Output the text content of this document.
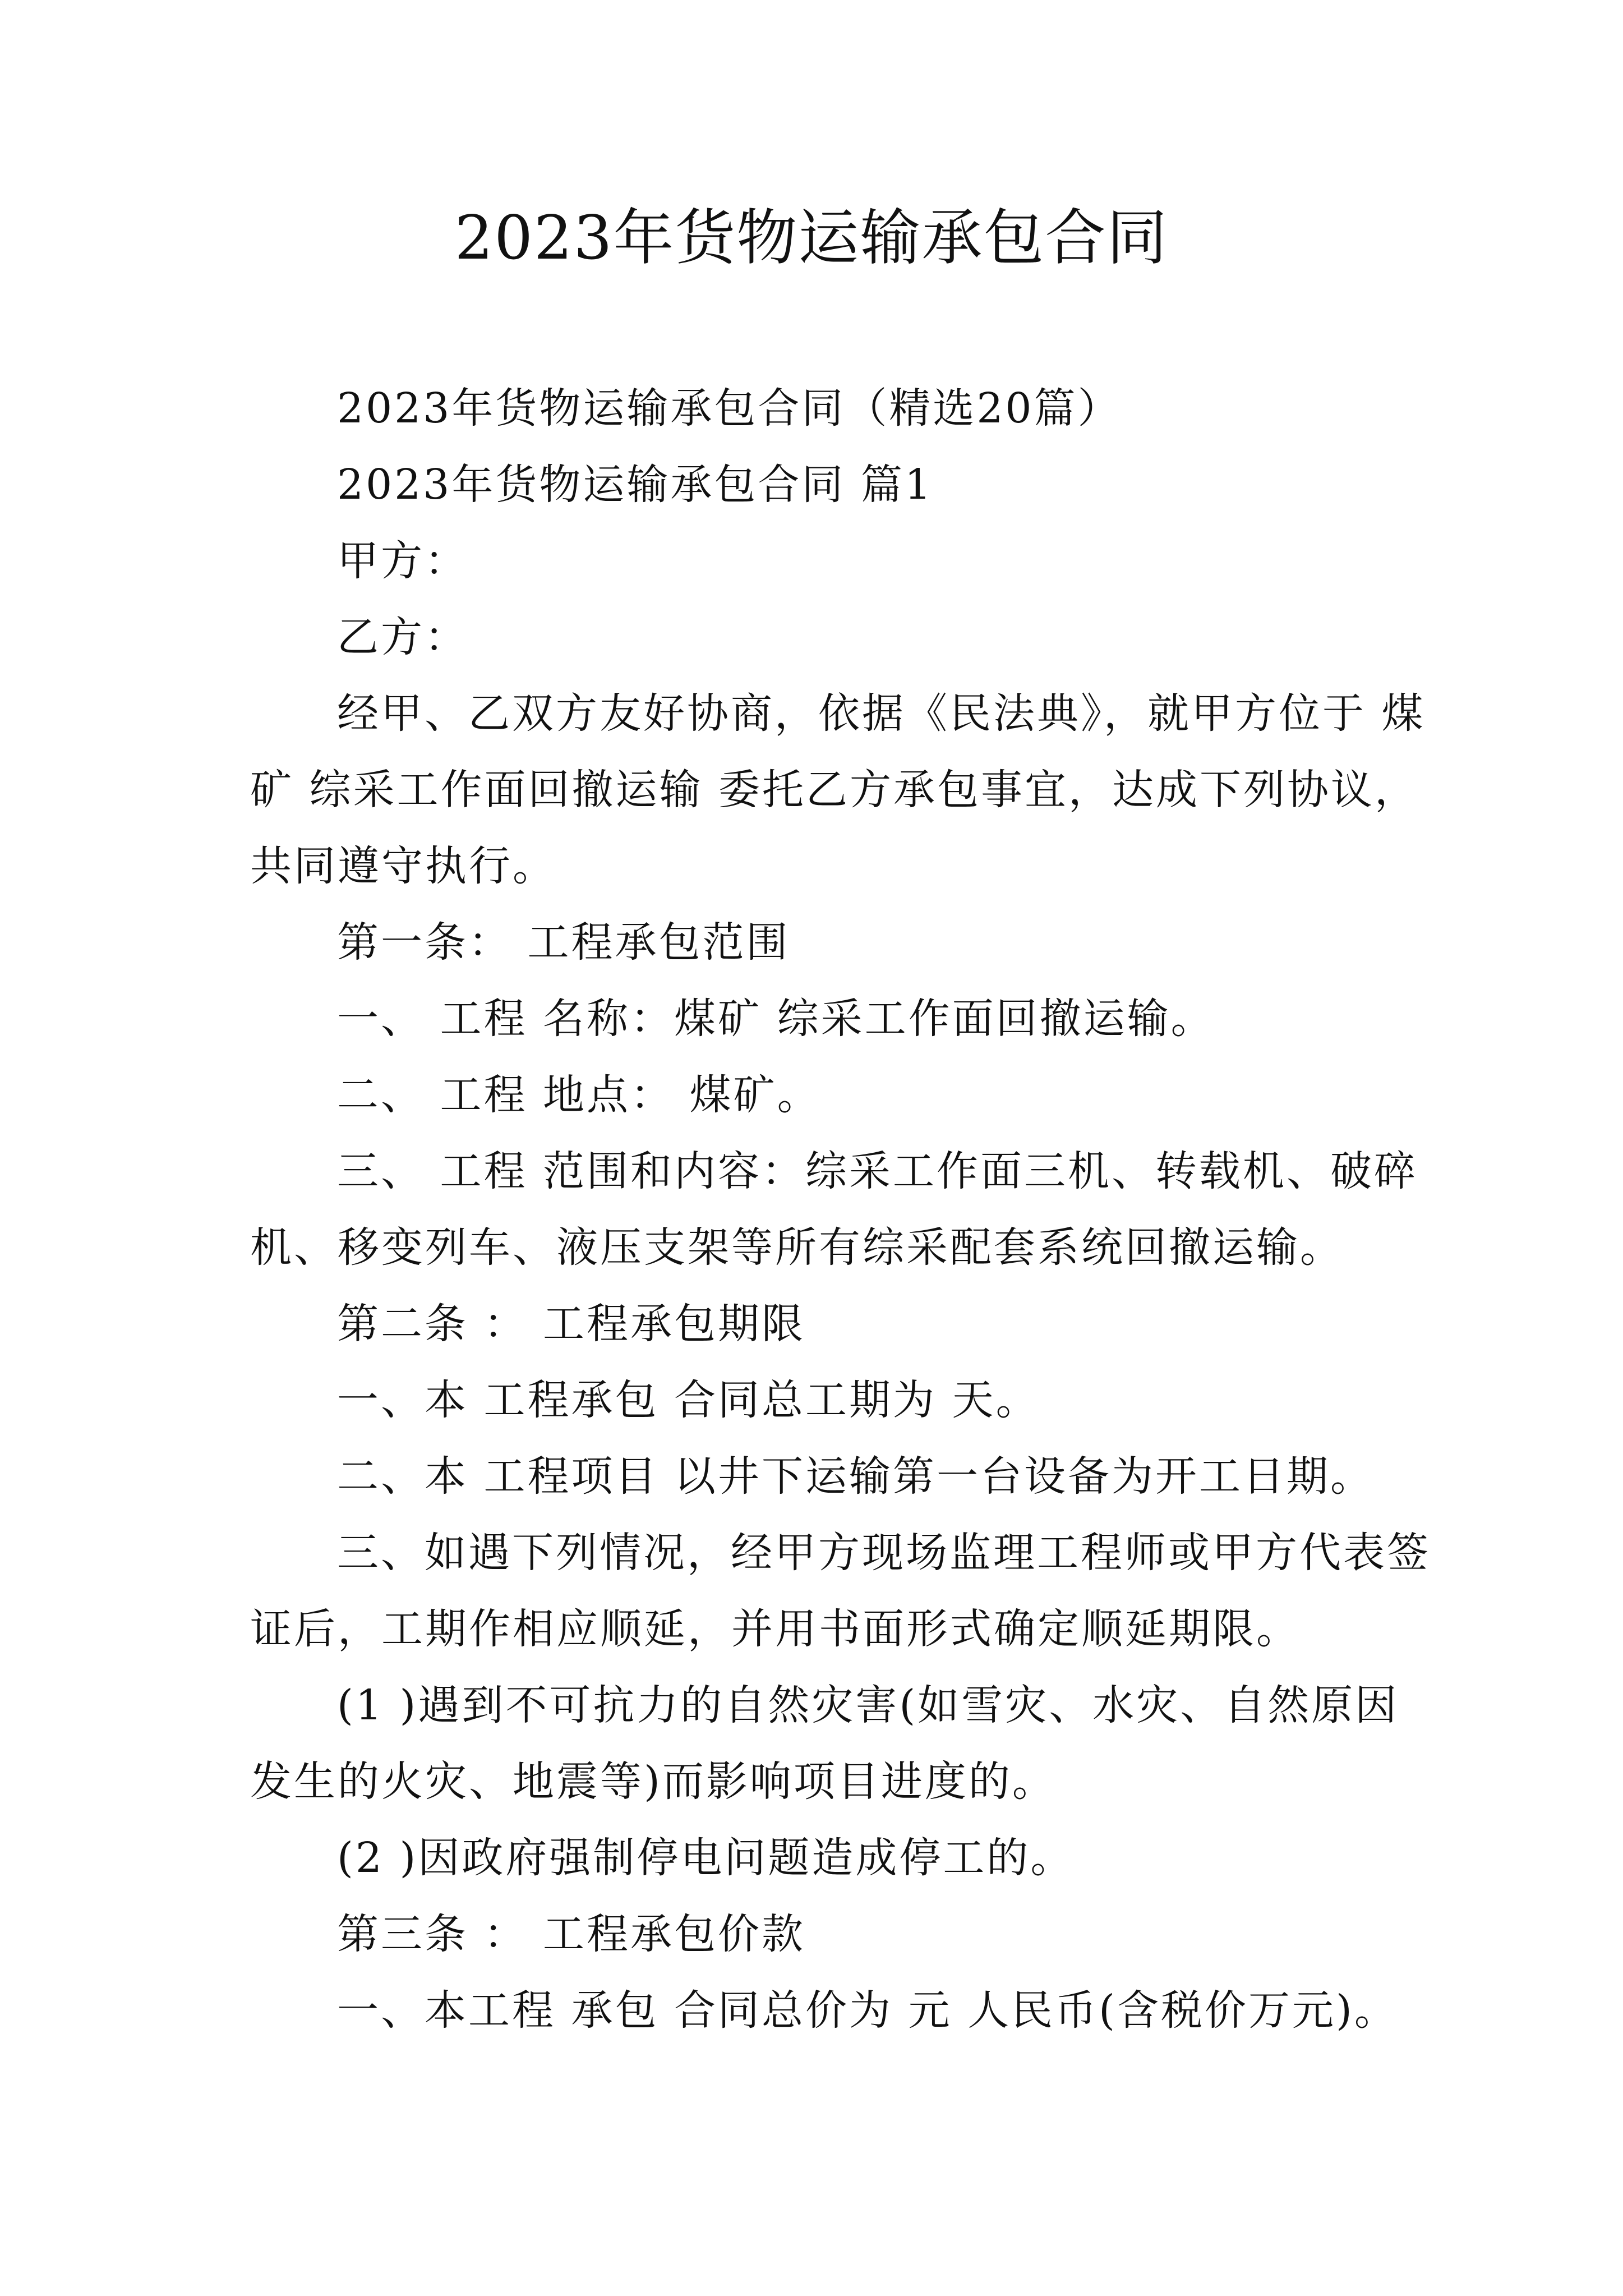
2023年货物运输承包合同

2023年货物运输承包合同（精选20篇）

2023年货物运输承包合同 篇1

甲方：

乙方：

经甲、乙双方友好协商，依据《民法典》，就甲方位于 煤矿 综采工作面回撤运输 委托乙方承包事宜，达成下列协议，共同遵守执行。

第一条： 工程承包范围

一、 工程 名称：煤矿 综采工作面回撤运输。

二、 工程 地点： 煤矿。

三、 工程 范围和内容：综采工作面三机、转载机、破碎机、移变列车、液压支架等所有综采配套系统回撤运输。

第二条 ： 工程承包期限

一、本 工程承包 合同总工期为 天。

二、本 工程项目 以井下运输第一台设备为开工日期。

三、如遇下列情况，经甲方现场监理工程师或甲方代表签证后，工期作相应顺延，并用书面形式确定顺延期限。

(1 )遇到不可抗力的自然灾害(如雪灾、水灾、自然原因发生的火灾、地震等)而影响项目进度的。

(2 )因政府强制停电问题造成停工的。

第三条 ： 工程承包价款

一、本工程 承包 合同总价为 元 人民币(含税价万元)。
